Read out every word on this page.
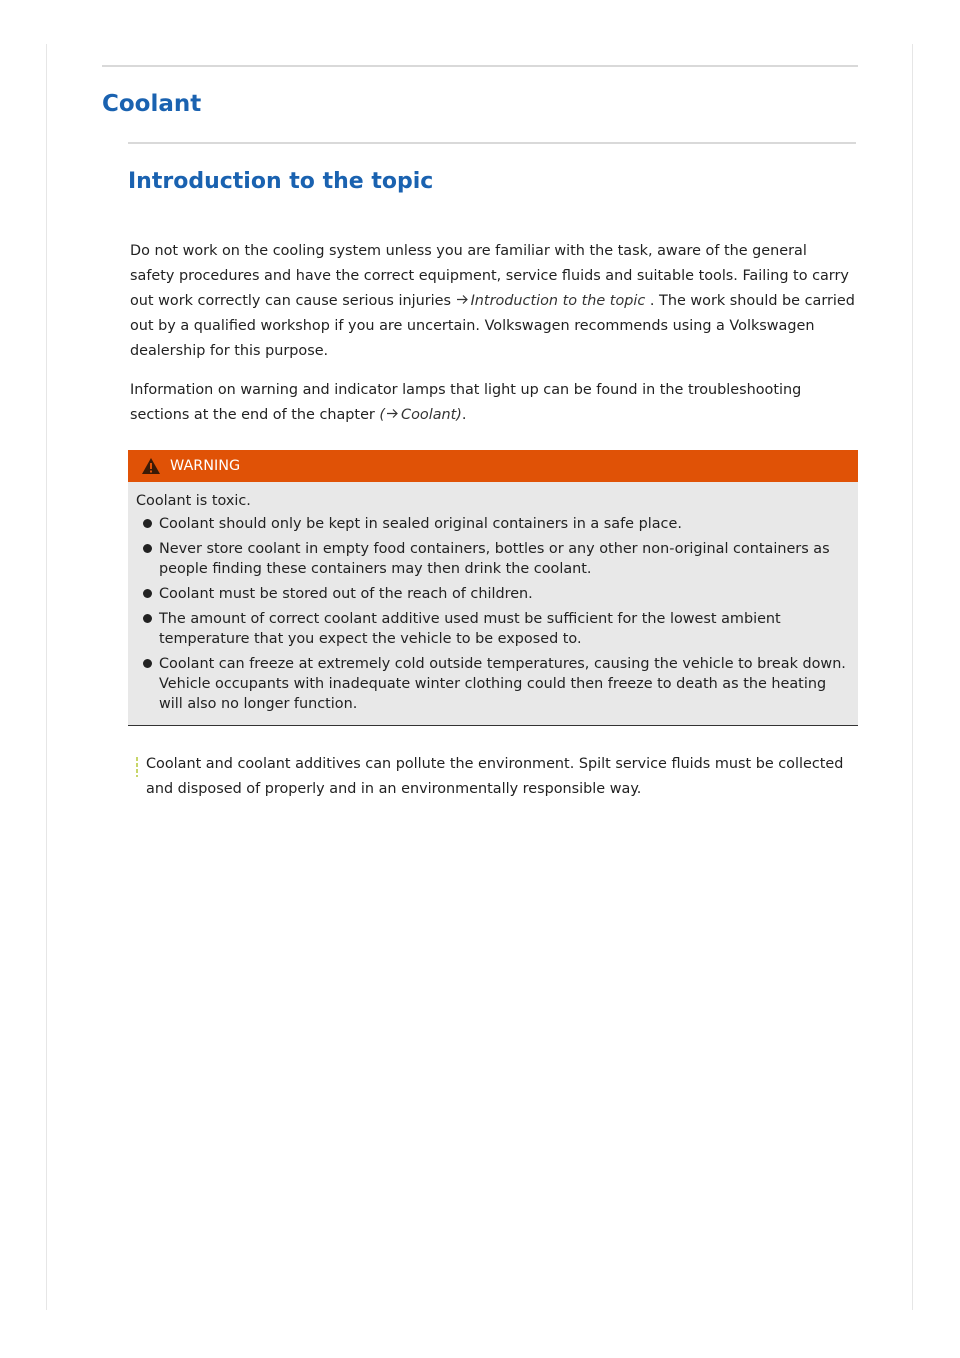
Coolant
Introduction to the topic

Do not work on the cooling system unless you are familiar with the task, aware of the general safety procedures and have the correct equipment, service fluids and suitable tools. Failing to carry out work correctly can cause serious injuries Introduction to the topic . The work should be carried out by a qualified workshop if you are uncertain. Volkswagen recommends using a Volkswagen dealership for this purpose.

Information on warning and indicator lamps that light up can be found in the troubleshooting sections at the end of the chapter ( Coolant).

WARNING

Coolant is toxic.

Coolant should only be kept in sealed original containers in a safe place.
Never store coolant in empty food containers, bottles or any other non-original containers as people finding these containers may then drink the coolant.
Coolant must be stored out of the reach of children.
The amount of correct coolant additive used must be sufficient for the lowest ambient temperature that you expect the vehicle to be exposed to.
Coolant can freeze at extremely cold outside temperatures, causing the vehicle to break down. Vehicle occupants with inadequate winter clothing could then freeze to death as the heating will also no longer function.

Coolant and coolant additives can pollute the environment. Spilt service fluids must be collected and disposed of properly and in an environmentally responsible way.
